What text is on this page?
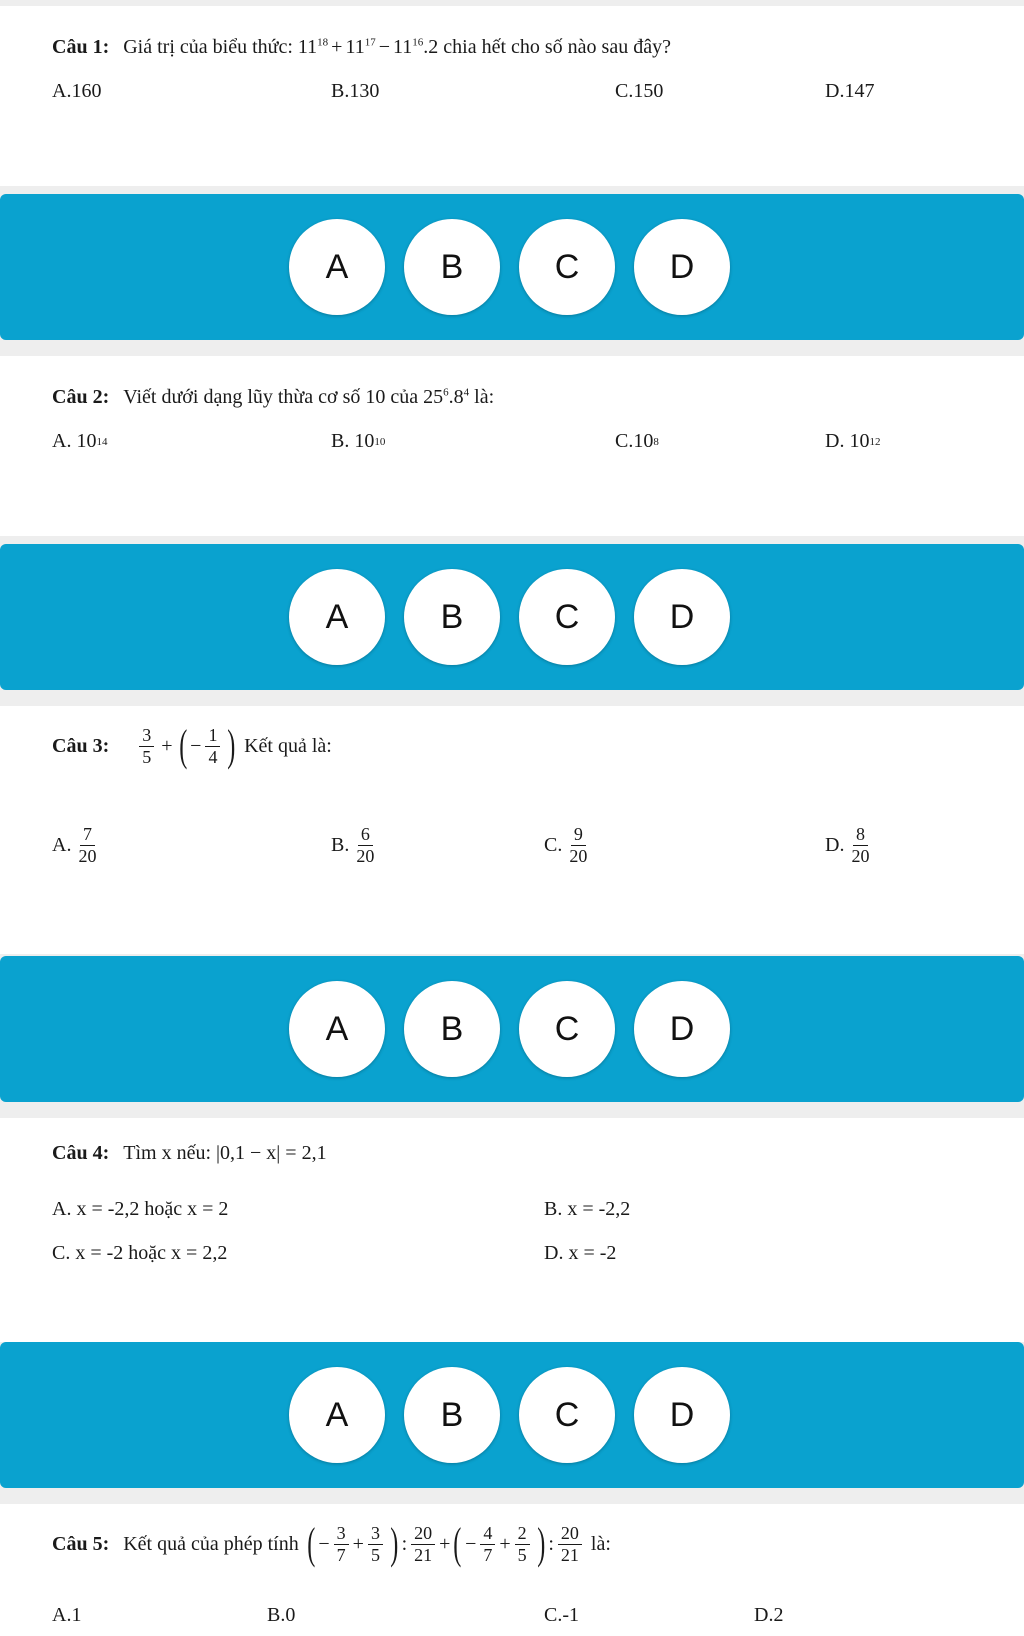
Câu 1: Giá trị của biểu thức:
$11^{18} + 11^{17} - 11^{16}.2$
chia hết cho số nào sau đây?
A.160	B.130	C.150	D.147
A	B	C	D
Câu 2: Viết dưới dạng lũy thừa cơ số 10 của
$25^6.8^4$
là:
A.
10 14	B.
10 10	C. 10 8	D.
10 12
A	B	C	D
Câu 3: $\frac{3}{5}$ + ( − $\frac{1}{4}$ )
Kết quả là:
A. $\frac{7}{20}$	B. $\frac{6}{20}$	C. $\frac{9}{20}$	D. $\frac{8}{20}$
A	B	C	D
Câu 4: Tìm x nếu:
|0,1 − x| = 2,1
A. x = -2,2 hoặc x = 2	B. x = -2,2
C. x = -2 hoặc x = 2,2	D. x = -2
A	B	C	D
Câu 5: Kết quả của phép tính
( − $\frac{3}{7} + \frac{3}{5}$ ) : $\frac{20}{21}$ + ( − $\frac{4}{7} + \frac{2}{5}$ ) : $\frac{20}{21}$
là:
A.1	B.0	C.-1	D.2
